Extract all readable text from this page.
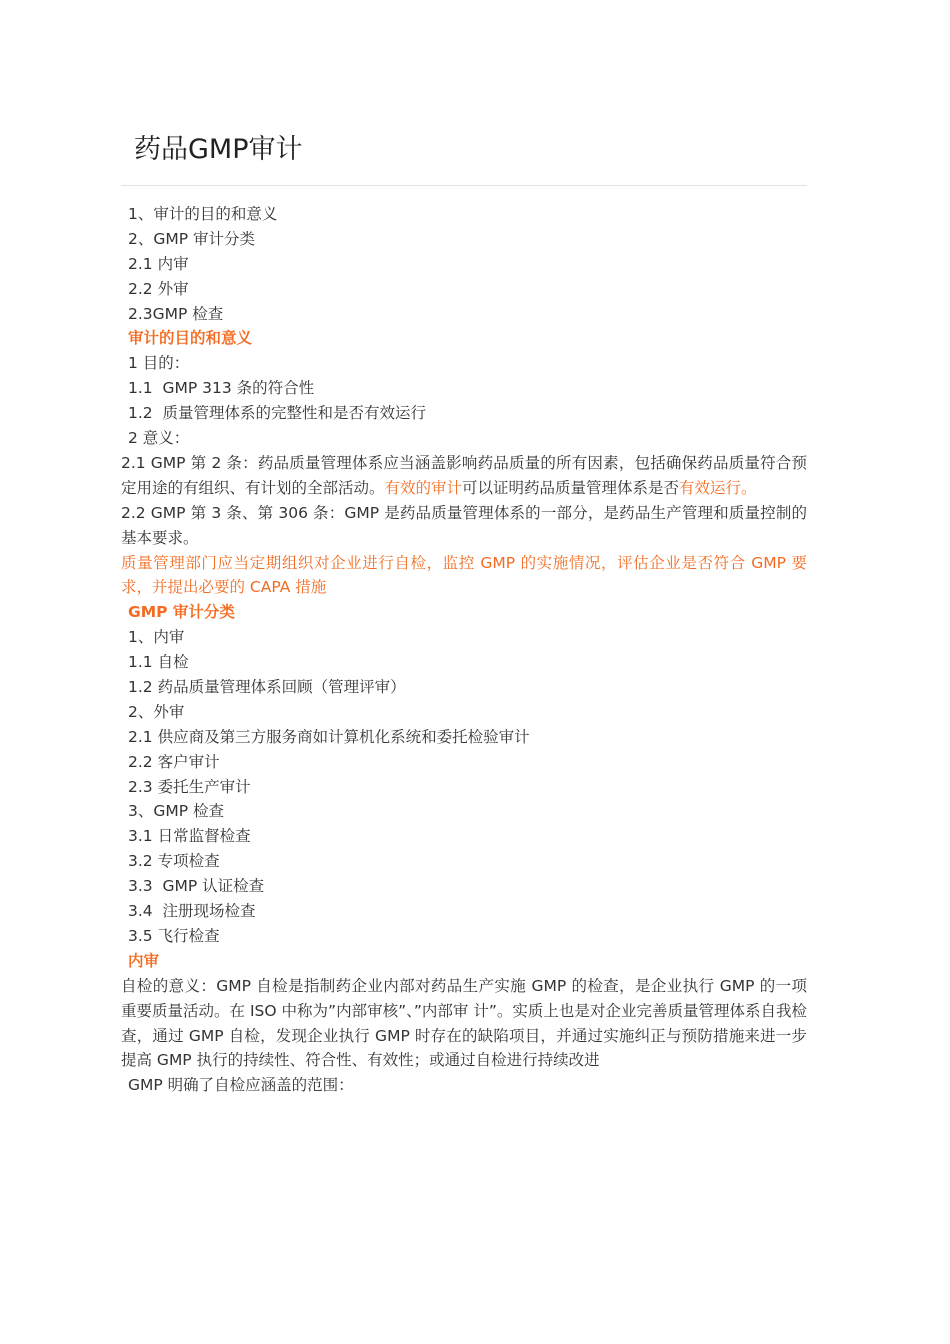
药品GMP审计
1、审计的目的和意义
2、GMP 审计分类
2.1 内审
2.2 外审
2.3GMP 检查
审计的目的和意义
1 目的：
1.1  GMP 313 条的符合性
1.2  质量管理体系的完整性和是否有效运行
2 意义：
2.1 GMP 第 2 条：药品质量管理体系应当涵盖影响药品质量的所有因素，包括确保药品质量符合预定用途的有组织、有计划的全部活动。有效的审计可以证明药品质量管理体系是否有效运行。
2.2 GMP 第 3 条、第 306 条：GMP 是药品质量管理体系的一部分，是药品生产管理和质量控制的基本要求。
质量管理部门应当定期组织对企业进行自检，监控 GMP 的实施情况，评估企业是否符合 GMP 要求，并提出必要的 CAPA 措施
GMP 审计分类
1、内审
1.1 自检
1.2 药品质量管理体系回顾（管理评审）
2、外审
2.1 供应商及第三方服务商如计算机化系统和委托检验审计
2.2 客户审计
2.3 委托生产审计
3、GMP 检查
3.1 日常监督检查
3.2 专项检查
3.3  GMP 认证检查
3.4  注册现场检查
3.5 飞行检查
内审
自检的意义：GMP 自检是指制药企业内部对药品生产实施 GMP 的检查，是企业执行 GMP 的一项重要质量活动。在 ISO 中称为”内部审核”、”内部审 计”。实质上也是对企业完善质量管理体系自我检查，通过 GMP 自检，发现企业执行 GMP 时存在的缺陷项目，并通过实施纠正与预防措施来进一步提高 GMP 执行的持续性、符合性、有效性；或通过自检进行持续改进
GMP 明确了自检应涵盖的范围：
